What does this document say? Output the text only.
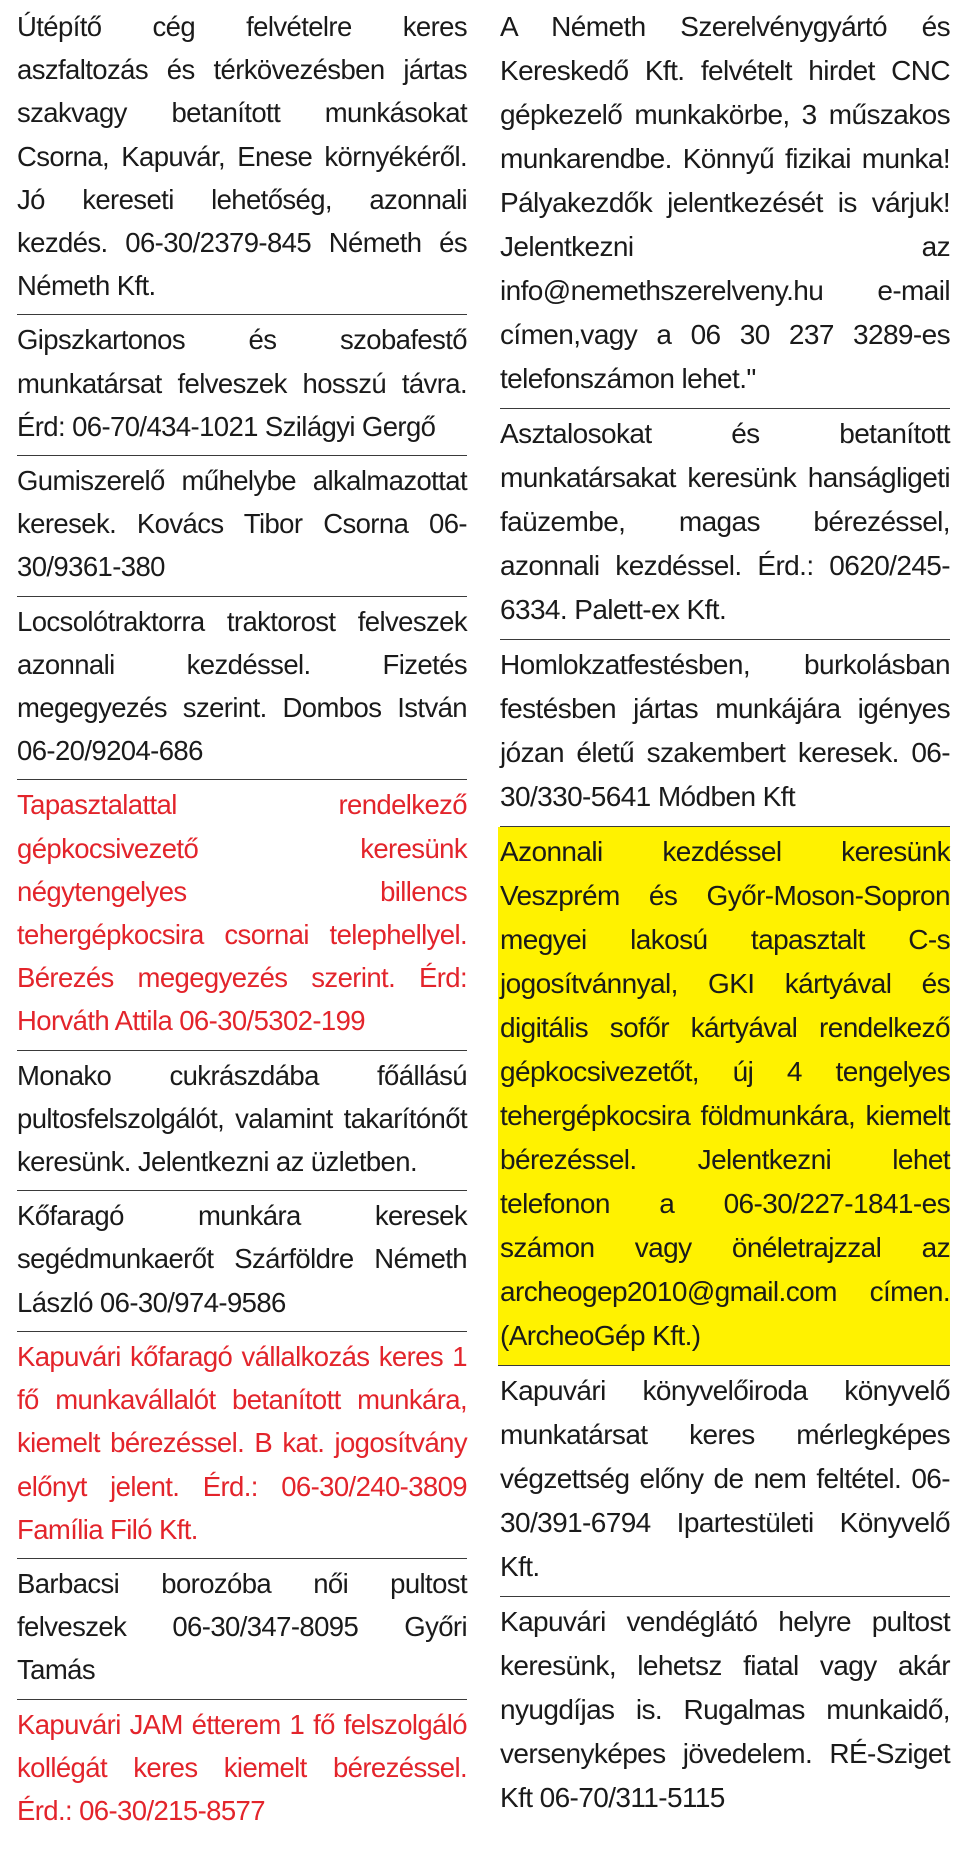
Útépítő cég felvételre keres aszfaltozás és térkövezésben jártas szakvagy betanított munkásokat Csorna, Kapuvár, Enese környékéről. Jó kereseti lehetőség, azonnali kezdés. 06-30/2379-845 Németh és Németh Kft.

Gipszkartonos és szobafestő munkatársat felveszek hosszú távra. Érd: 06-70/434-1021 Szilágyi Gergő

Gumiszerelő műhelybe alkalmazottat keresek. Kovács Tibor Csorna 06-30/9361-380

Locsolótraktorra traktorost felveszek azonnali kezdéssel. Fizetés megegyezés szerint. Dombos István 06-20/9204-686

Tapasztalattal rendelkező gépkocsivezető keresünk négytengelyes billencs tehergépkocsira csornai telephellyel. Bérezés megegyezés szerint. Érd: Horváth Attila 06-30/5302-199

Monako cukrászdába főállású pultosfelszolgálót, valamint takarítónőt keresünk. Jelentkezni az üzletben.

Kőfaragó munkára keresek segédmunkaerőt Szárföldre Németh László 06-30/974-9586

Kapuvári kőfaragó vállalkozás keres 1 fő munkavállalót betanított munkára, kiemelt bérezéssel. B kat. jogosítvány előnyt jelent. Érd.: 06-30/240-3809 Família Filó Kft.

Barbacsi borozóba női pultost felveszek 06-30/347-8095 Győri Tamás

Kapuvári JAM étterem 1 fő felszolgáló kollégát keres kiemelt bérezéssel. Érd.: 06-30/215-8577

A Németh Szerelvénygyártó és Kereskedő Kft. felvételt hirdet CNC gépkezelő munkakörbe, 3 műszakos munkarendbe. Könnyű fizikai munka! Pályakezdők jelentkezését is várjuk! Jelentkezni az info@nemethszerelveny.hu e-mail címen,vagy a 06 30 237 3289-es telefonszámon lehet."

Asztalosokat és betanított munkatársakat keresünk hanságligeti faüzembe, magas bérezéssel, azonnali kezdéssel. Érd.: 0620/245-6334. Palett-ex Kft.

Homlokzatfestésben, burkolásban festésben jártas munkájára igényes józan életű szakembert keresek. 06-30/330-5641 Módben Kft

Azonnali kezdéssel keresünk Veszprém és Győr-Moson-Sopron megyei lakosú tapasztalt C-s jogosítvánnyal, GKI kártyával és digitális sofőr kártyával rendelkező gépkocsivezetőt, új 4 tengelyes tehergépkocsira földmunkára, kiemelt bérezéssel. Jelentkezni lehet telefonon a 06-30/227-1841-es számon vagy önéletrajzzal az archeogep2010@gmail.com címen. (ArcheoGép Kft.)

Kapuvári könyvelőiroda könyvelő munkatársat keres mérlegképes végzettség előny de nem feltétel. 06-30/391-6794 Ipartestületi Könyvelő Kft.

Kapuvári vendéglátó helyre pultost keresünk, lehetsz fiatal vagy akár nyugdíjas is. Rugalmas munkaidő, versenyképes jövedelem. RÉ-Sziget Kft 06-70/311-5115
